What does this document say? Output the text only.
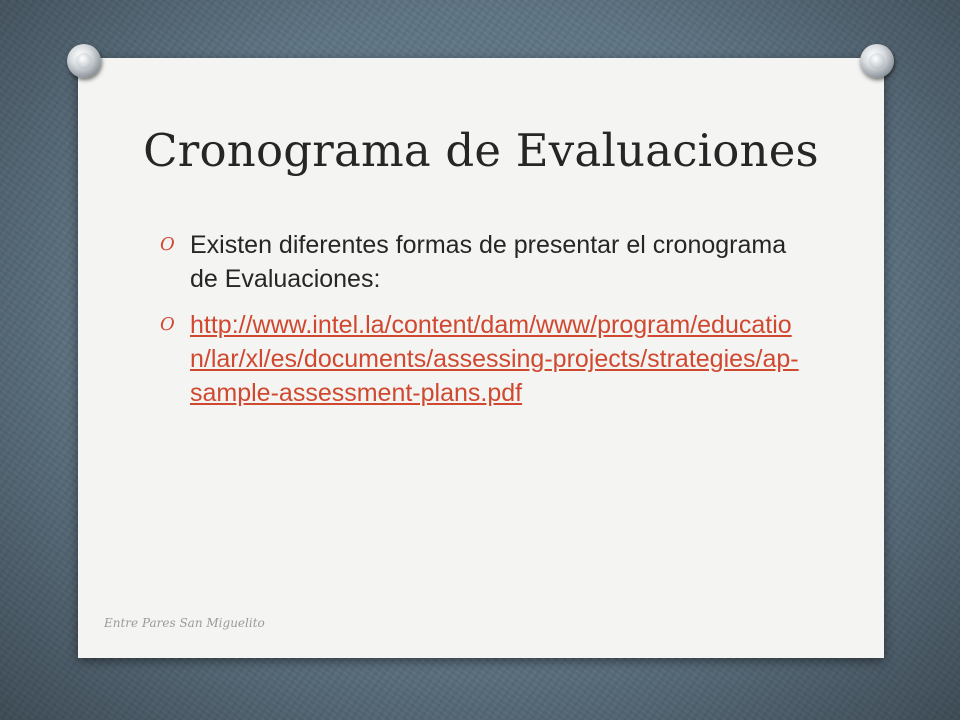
Cronograma de Evaluaciones
O Existen diferentes formas de presentar el cronograma de Evaluaciones:
O http://www.intel.la/content/dam/www/program/education/lar/xl/es/documents/assessing-projects/strategies/ap-sample-assessment-plans.pdf
Entre Pares San Miguelito
